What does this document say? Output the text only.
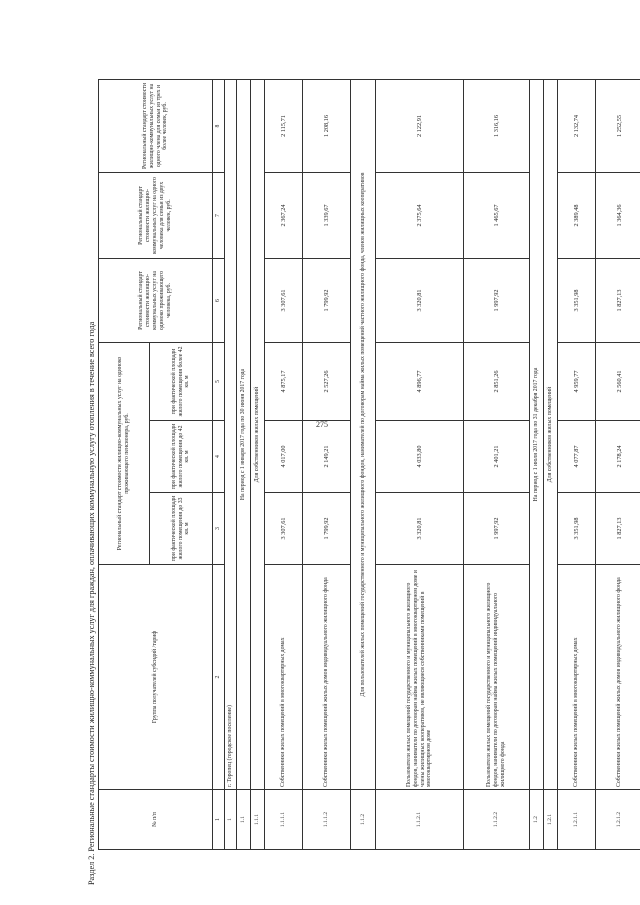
275
Раздел 2. Региональные стандарты стоимости жилищно-коммунальных услуг для граждан, оплачивающих коммунальную услугу отопления в течение всего года	№ п/п	Группа получателей субсидий /тариф	Региональный стандарт стоимости жилищно-коммунальных услуг на одиноко проживающего пенсионера, руб.			Региональный стандарт стоимости жилищно-коммунальных услуг на одиноко проживающего человека, руб.	Региональный стандарт стоимости жилищно-коммунальных услуг на одного человека для семьи из двух человек, руб.	Региональный стандарт стоимости жилищно-коммунальных услуг на одного члена для семьи из трех и более человек, руб.
		при фактической площади жилого помещения до 33 кв. м	при фактической площади жилого помещения до 42 кв. м	при фактической площади жилого помещения более 42 кв. м			
1	2	3	4	5	6	7	8
1	г. Торопец (городское поселение)						
1.1	На период с 1 января 2017 года по 30 июня 2017 года						
1.1.1	Для собственников жилых помещений						
1.1.1.1	Собственники жилых помещений в многоквартирных домах	3 307,61	4 017,00	4 875,17	3 307,61	2 367,24	2 115,71
1.1.1.2	Собственники жилых помещений жилых домов индивидуального жилищного фонда	1 799,92	2 149,21	2 527,26	1 799,92	1 339,67	1 208,16
1.1.2	Для пользователей жилых помещений государственного и муниципального жилищного фондов, нанимателей по договорам найма жилых помещений частного жилищного фонда, членов жилищных кооперативов						
1.1.2.1	Пользователи жилых помещений государственного и муниципального жилищного фондов, наниматели по договорам найма жилых помещений в многоквартирном доме и члены жилищных кооперативов, не являющиеся собственниками помещений в многоквартирном доме	3 320,81	4 033,80	4 896,77	3 320,81	2 375,64	2 122,91
1.1.2.2	Пользователи жилых помещений государственного и муниципального жилищного фондов, наниматели по договорам найма жилых помещений индивидуального жилищного фонда	1 997,92	2 401,21	2 851,26	1 997,92	1 465,67	1 316,16
1.2	На период с 1 июля 2017 года по 31 декабря 2017 года						
1.2.1	Для собственников жилых помещений						
1.2.1.1	Собственники жилых помещений в многоквартирных домах	3 351,98	4 077,87	4 959,77	3 351,98	2 389,48	2 132,74
1.2.1.2	Собственники жилых помещений жилых домов индивидуального жилищного фонда	1 827,13	2 178,24	2 560,41	1 827,13	1 364,36	1 252,55
